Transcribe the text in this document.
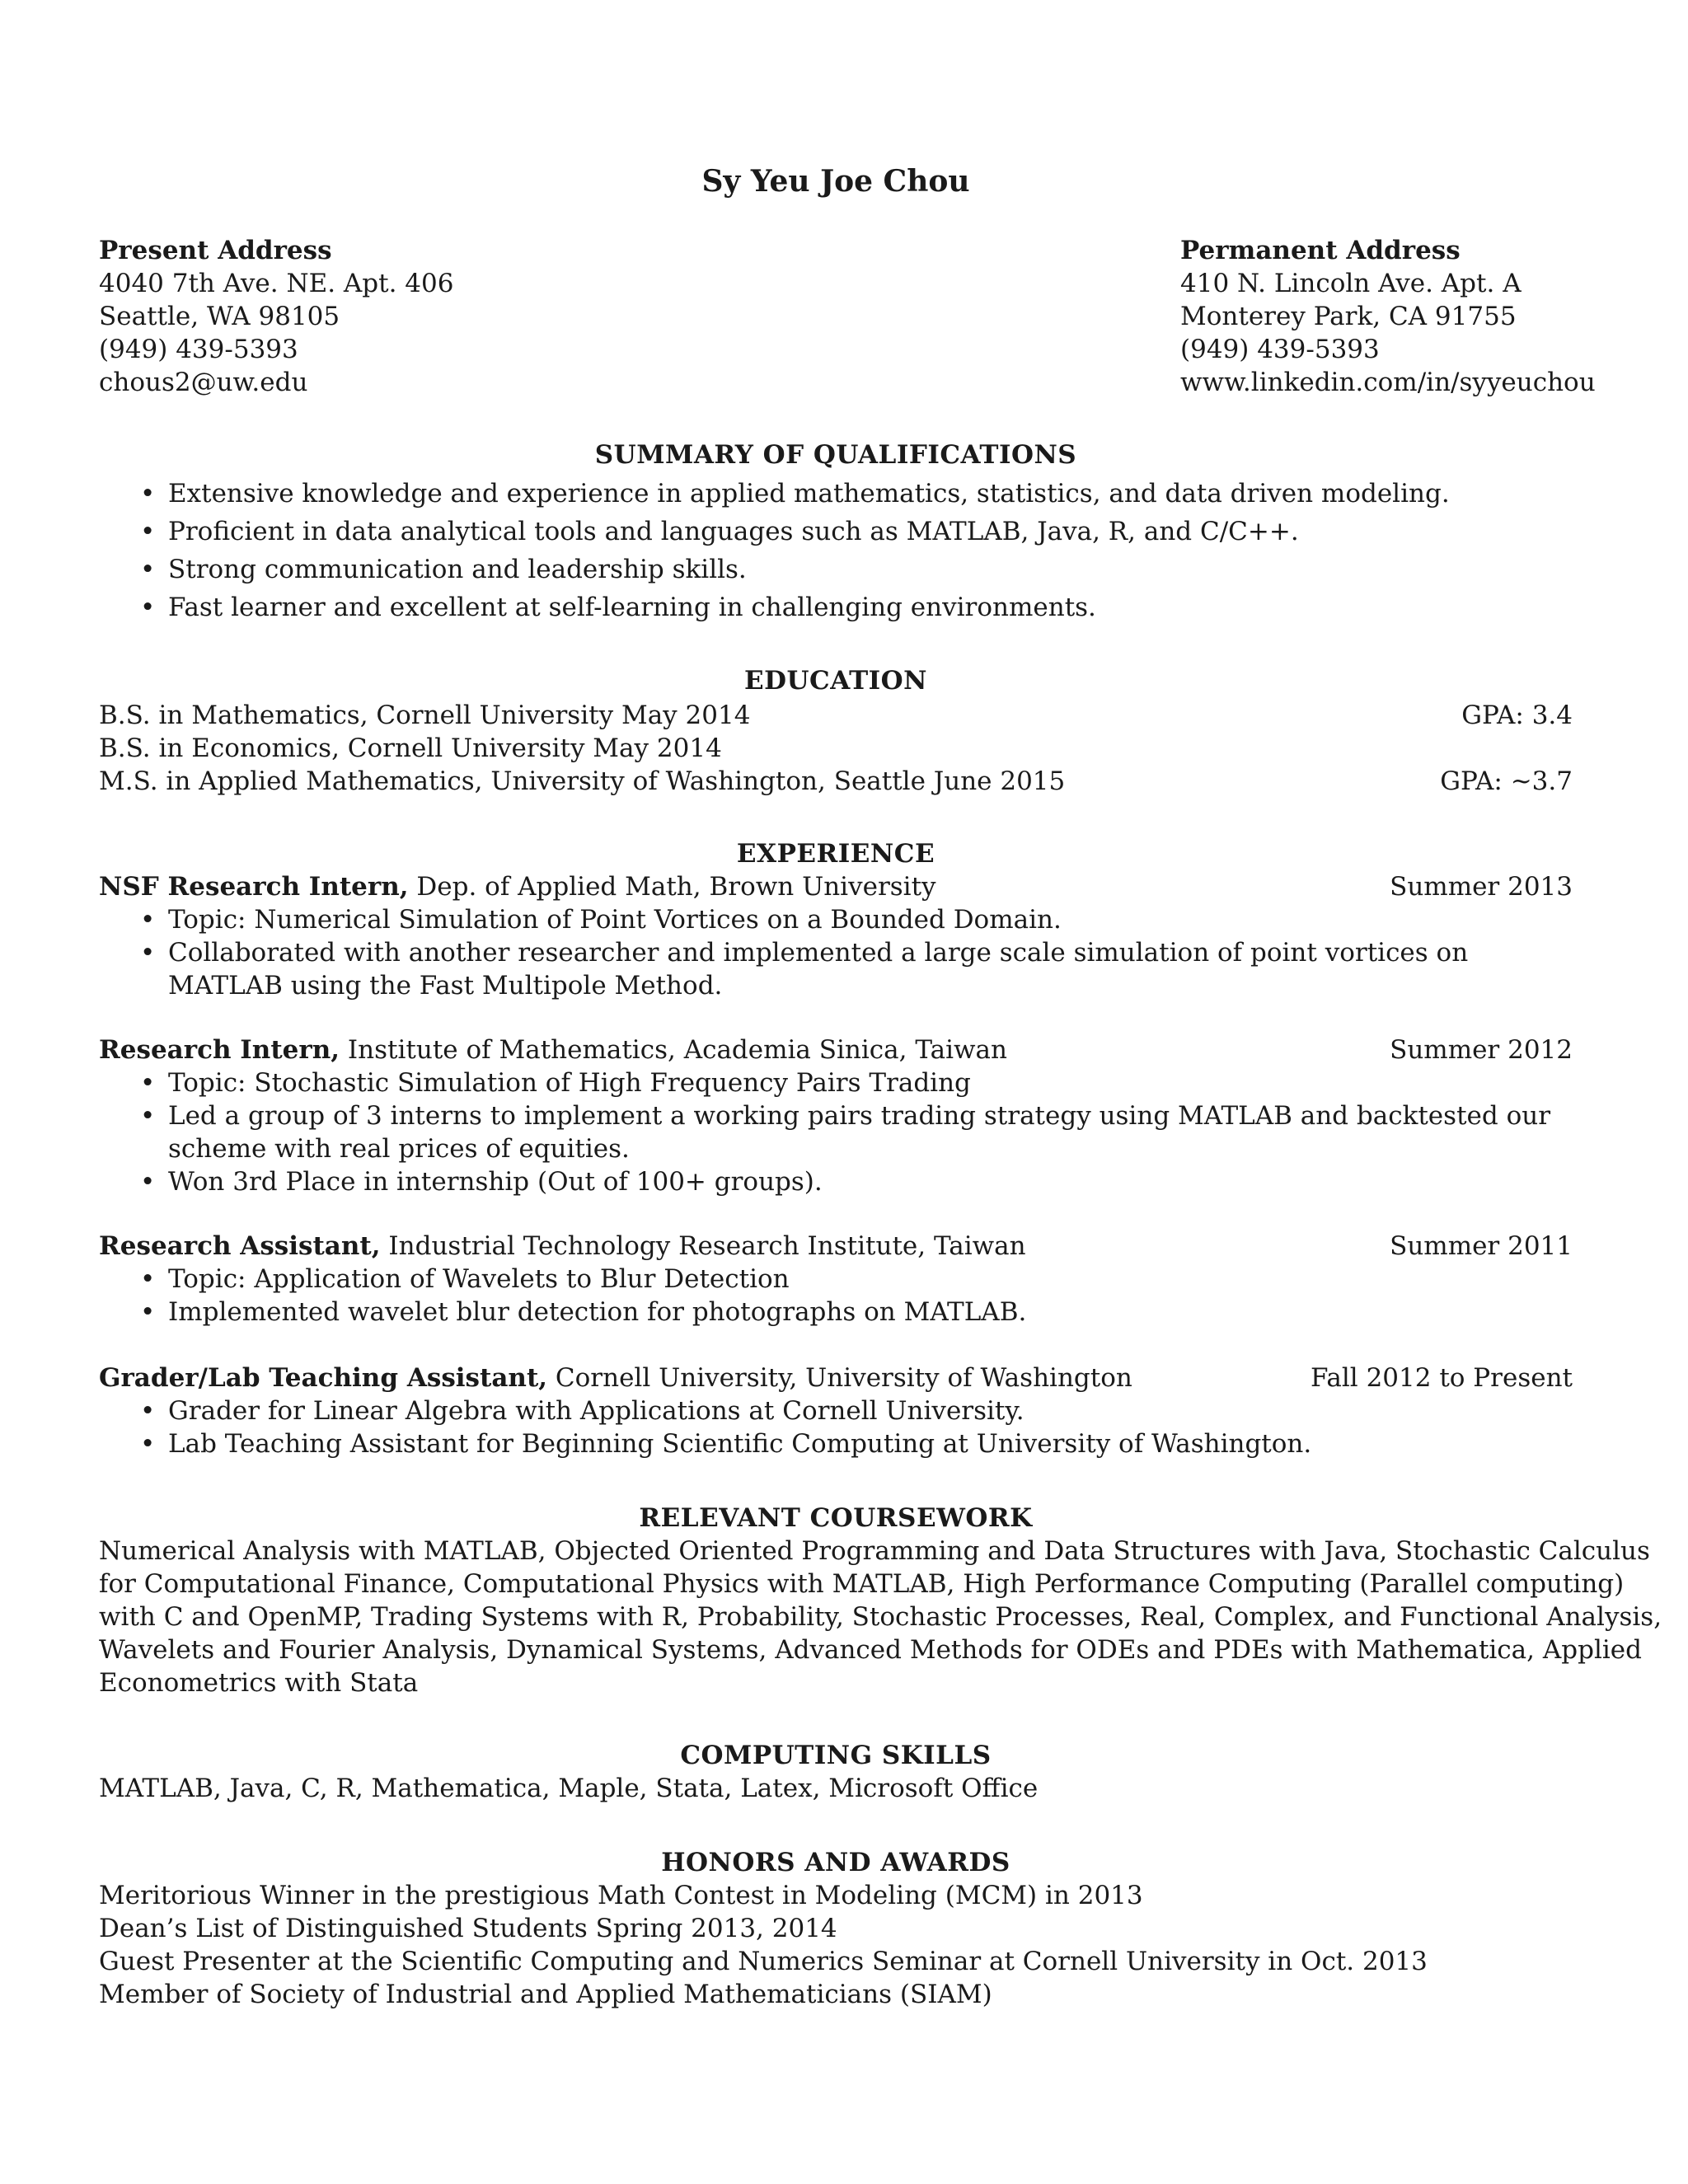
Sy Yeu Joe Chou
Present Address
4040 7th Ave. NE. Apt. 406
Seattle, WA 98105
(949) 439-5393
chous2@uw.edu
Permanent Address
410 N. Lincoln Ave. Apt. A
Monterey Park, CA 91755
(949) 439-5393
www.linkedin.com/in/syyeuchou
SUMMARY OF QUALIFICATIONS
• Extensive knowledge and experience in applied mathematics, statistics, and data driven modeling.
• Proficient in data analytical tools and languages such as MATLAB, Java, R, and C/C++.
• Strong communication and leadership skills.
• Fast learner and excellent at self-learning in challenging environments.
EDUCATION
B.S. in Mathematics, Cornell University May 2014	GPA: 3.4
B.S. in Economics, Cornell University May 2014
M.S. in Applied Mathematics, University of Washington, Seattle June 2015	GPA: ~3.7
EXPERIENCE
NSF Research Intern, Dep. of Applied Math, Brown University	Summer 2013
• Topic: Numerical Simulation of Point Vortices on a Bounded Domain.
• Collaborated with another researcher and implemented a large scale simulation of point vortices on MATLAB using the Fast Multipole Method.
Research Intern, Institute of Mathematics, Academia Sinica, Taiwan	Summer 2012
• Topic: Stochastic Simulation of High Frequency Pairs Trading
• Led a group of 3 interns to implement a working pairs trading strategy using MATLAB and backtested our scheme with real prices of equities.
• Won 3rd Place in internship (Out of 100+ groups).
Research Assistant, Industrial Technology Research Institute, Taiwan	Summer 2011
• Topic: Application of Wavelets to Blur Detection
• Implemented wavelet blur detection for photographs on MATLAB.
Grader/Lab Teaching Assistant, Cornell University, University of Washington	Fall 2012 to Present
• Grader for Linear Algebra with Applications at Cornell University.
• Lab Teaching Assistant for Beginning Scientific Computing at University of Washington.
RELEVANT COURSEWORK
Numerical Analysis with MATLAB, Objected Oriented Programming and Data Structures with Java, Stochastic Calculus
for Computational Finance, Computational Physics with MATLAB, High Performance Computing (Parallel computing)
with C and OpenMP, Trading Systems with R, Probability, Stochastic Processes, Real, Complex, and Functional Analysis,
Wavelets and Fourier Analysis, Dynamical Systems, Advanced Methods for ODEs and PDEs with Mathematica, Applied
Econometrics with Stata
COMPUTING SKILLS
MATLAB, Java, C, R, Mathematica, Maple, Stata, Latex, Microsoft Office
HONORS AND AWARDS
Meritorious Winner in the prestigious Math Contest in Modeling (MCM) in 2013
Dean’s List of Distinguished Students Spring 2013, 2014
Guest Presenter at the Scientific Computing and Numerics Seminar at Cornell University in Oct. 2013
Member of Society of Industrial and Applied Mathematicians (SIAM)
